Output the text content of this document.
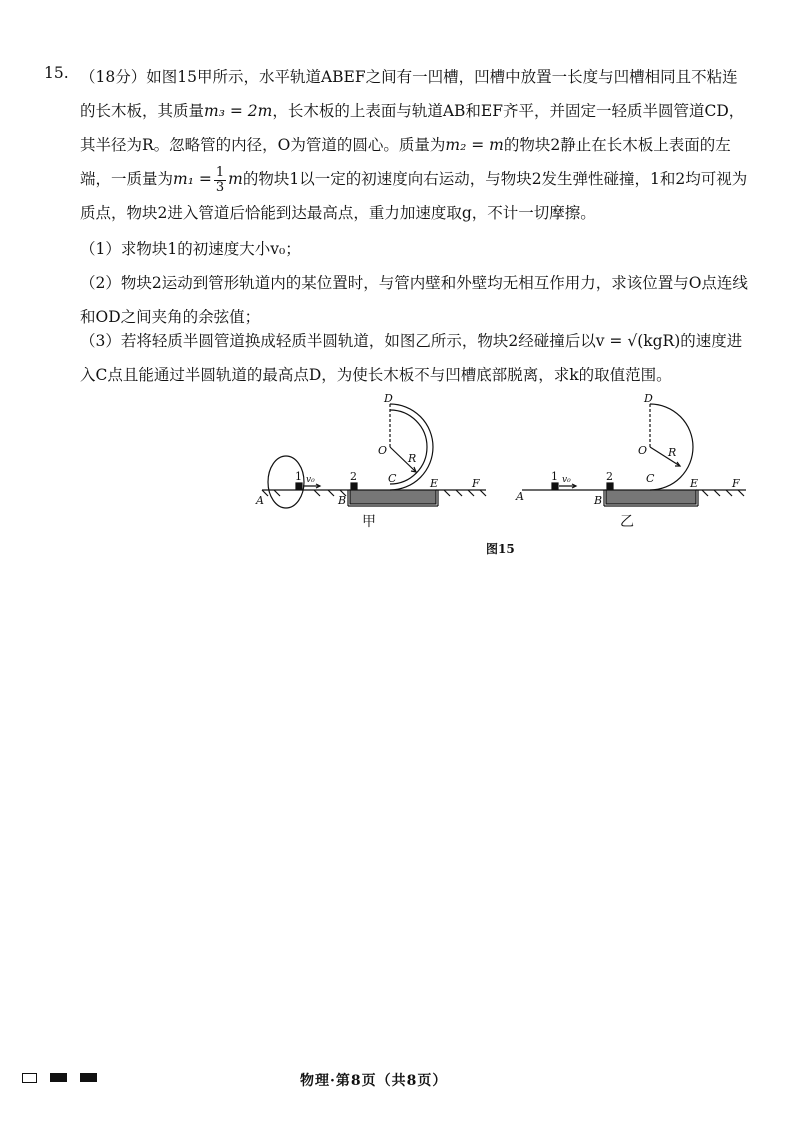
15. （18分）如图15甲所示，水平轨道ABEF之间有一凹槽，凹槽中放置一长度与凹槽相同且不粘连的长木板，其质量m₃ = 2m，长木板的上表面与轨道AB和EF齐平，并固定一轻质半圆管道CD，其半径为R。忽略管的内径，O为管道的圆心。质量为m₂ = m的物块2静止在长木板上表面的左端，一质量为$m_1 = \frac{1}{3}$ m的物块1以一定的初速度向右运动，与物块2发生弹性碰撞，1和2均可视为质点，物块2进入管道后恰能到达最高点，重力加速度取g，不计一切摩擦。
（1）求物块1的初速度大小v₀；
（2）物块2运动到管形轨道内的某位置时，与管内壁和外壁均无相互作用力，求该位置与O点连线和OD之间夹角的余弦值；
（3）若将轻质半圆管道换成轻质半圆轨道，如图乙所示，物块2经碰撞后以v = √(kgR)的速度进入C点且能通过半圆轨道的最高点D，为使长木板不与凹槽底部脱离，求k的取值范围。
A	B
C
D
O
R
E	F
1	2
v₀
甲
A	B
C
D
O R
E	F
1	2
v₀
乙
图15
物理·第8页（共8页）
